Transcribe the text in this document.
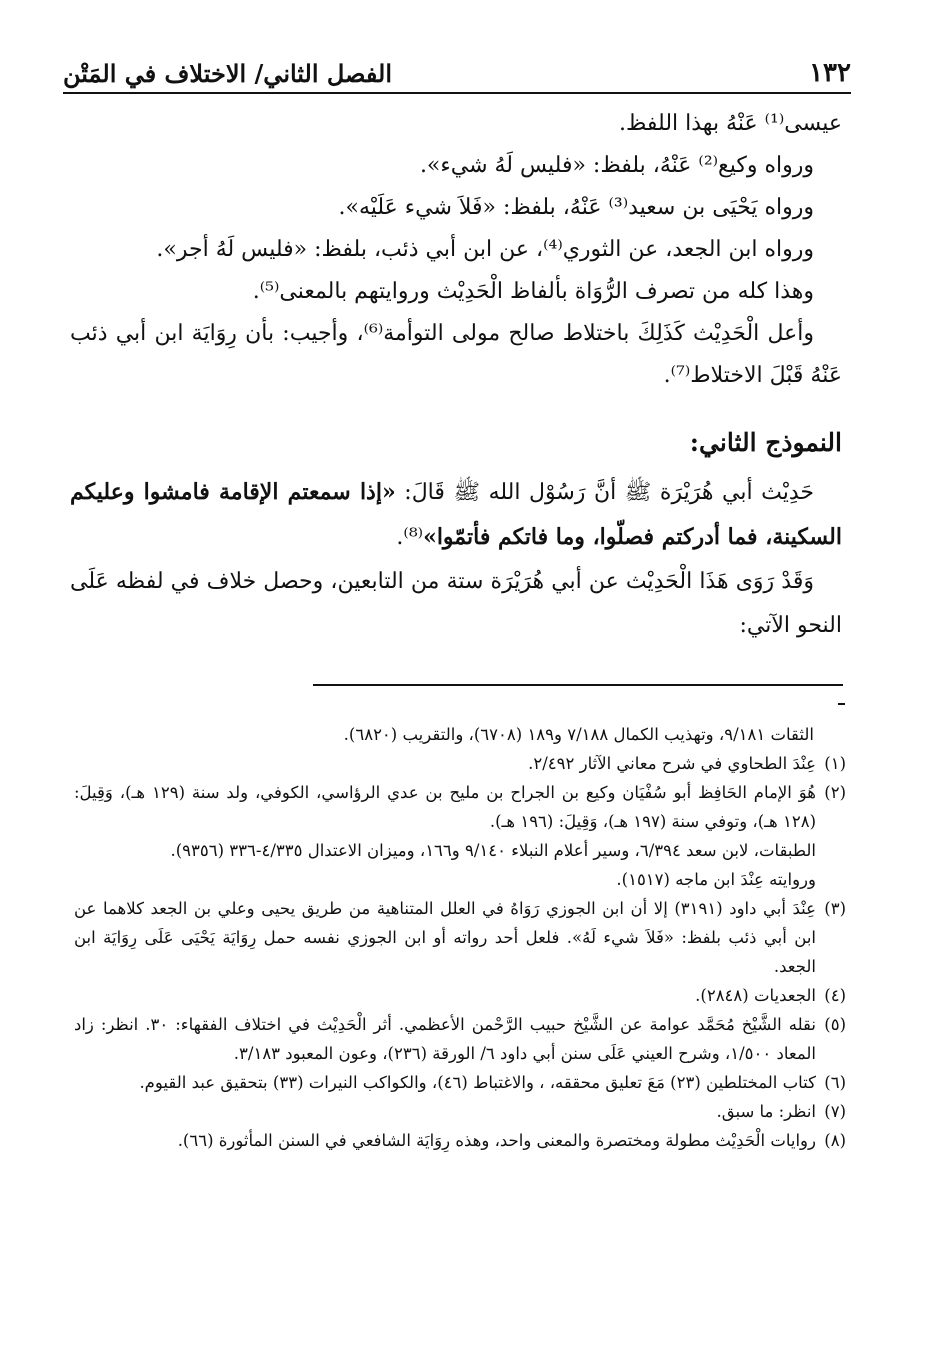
١٣٢
الفصل الثاني/ الاختلاف في المَتْن

عيسى⁽¹⁾ عَنْهُ بهذا اللفظ.

ورواه وكيع⁽²⁾ عَنْهُ، بلفظ: «فليس لَهُ شيء».

ورواه يَحْيَى بن سعيد⁽³⁾ عَنْهُ، بلفظ: «فَلاَ شيء عَلَيْه».

ورواه ابن الجعد، عن الثوري⁽⁴⁾، عن ابن أبي ذئب، بلفظ: «فليس لَهُ أجر».

وهذا كله من تصرف الرُّوَاة بألفاظ الْحَدِيْث وروايتهم بالمعنى⁽⁵⁾.

وأعل الْحَدِيْث كَذَلِكَ باختلاط صالح مولى التوأمة⁽⁶⁾، وأجيب: بأن رِوَايَة ابن أبي ذئب عَنْهُ قَبْلَ الاختلاط⁽⁷⁾.

النموذج الثاني:

حَدِيْث أبي هُرَيْرَة ﷺ أنَّ رَسُوْل الله ﷺ قَالَ: «إذا سمعتم الإقامة فامشوا وعليكم السكينة، فما أدركتم فصلّوا، وما فاتكم فأتمّوا»⁽⁸⁾.

وَقَدْ رَوَى هَذَا الْحَدِيْث عن أبي هُرَيْرَة ستة من التابعين، وحصل خلاف في لفظه عَلَى النحو الآتي:

الثقات ٩/١٨١، وتهذيب الكمال ٧/١٨٨ و١٨٩ (٦٧٠٨)، والتقريب (٦٨٢٠).

(١)
عِنْدَ الطحاوي في شرح معاني الآثار ٢/٤٩٢.
(٢)
هُوَ الإمام الحَافِظ أبو سُفْيَان وكيع بن الجراح بن مليح بن عدي الرؤاسي، الكوفي، ولد سنة (١٢٩ هـ)، وَقِيلَ: (١٢٨ هـ)، وتوفي سنة (١٩٧ هـ)، وَقِيلَ: (١٩٦ هـ).
الطبقات، لابن سعد ٦/٣٩٤، وسير أعلام النبلاء ٩/١٤٠ و١٦٦، وميزان الاعتدال ٤/٣٣٥-٣٣٦ (٩٣٥٦).
وروايته عِنْدَ ابن ماجه (١٥١٧).
(٣)
عِنْدَ أبي داود (٣١٩١) إلا أن ابن الجوزي رَوَاهُ في العلل المتناهية من طريق يحيى وعلي بن الجعد كلاهما عن ابن أبي ذئب بلفظ: «فَلاَ شيء لَهُ». فلعل أحد رواته أو ابن الجوزي نفسه حمل رِوَايَة يَحْيَى عَلَى رِوَايَة ابن الجعد.
(٤)
الجعديات (٢٨٤٨).
(٥)
نقله الشَّيْخ مُحَمَّد عوامة عن الشَّيْخ حبيب الرَّحْمن الأعظمي. أثر الْحَدِيْث في اختلاف الفقهاء: ٣٠. انظر: زاد المعاد ١/٥٠٠، وشرح العيني عَلَى سنن أبي داود ٦/ الورقة (٢٣٦)، وعون المعبود ٣/١٨٣.
(٦)
كتاب المختلطين (٢٣) مَعَ تعليق محققه، ، والاغتباط (٤٦)، والكواكب النيرات (٣٣) بتحقيق عبد القيوم.
(٧)
انظر: ما سبق.
(٨)
روايات الْحَدِيْث مطولة ومختصرة والمعنى واحد، وهذه رِوَايَة الشافعي في السنن المأثورة (٦٦).
